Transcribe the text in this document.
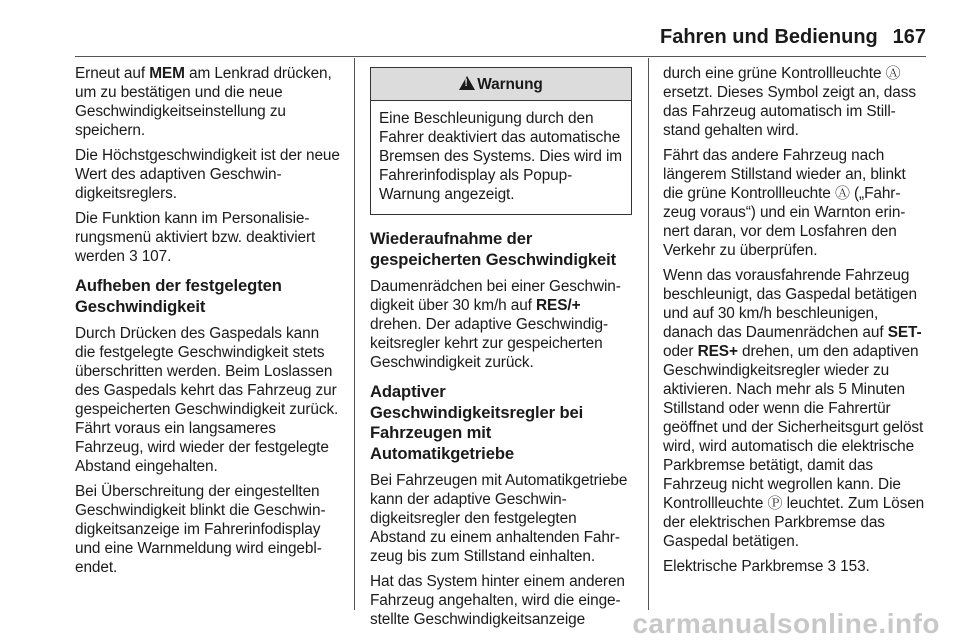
Fahren und Bedienung 167

Erneut auf MEM am Lenkrad drücken, um zu bestätigen und die neue Geschwindigkeitseinstellung zu speichern.

Die Höchstgeschwindigkeit ist der neue Wert des adaptiven Geschwindigkeitsreglers.

Die Funktion kann im Personalisierungsmenü aktiviert bzw. deaktiviert werden 3 107.

Aufheben der festgelegten Geschwindigkeit

Durch Drücken des Gaspedals kann die festgelegte Geschwindigkeit stets überschritten werden. Beim Loslassen des Gaspedals kehrt das Fahrzeug zur gespeicherten Geschwindigkeit zurück. Fährt voraus ein langsameres Fahrzeug, wird wieder der festgelegte Abstand eingehalten.

Bei Überschreitung der eingestellten Geschwindigkeit blinkt die Geschwindigkeitsanzeige im Fahrerinfodisplay und eine Warnmeldung wird eingeblendet.

!Warnung
Eine Beschleunigung durch den Fahrer deaktiviert das automatische Bremsen des Systems. Dies wird im Fahrerinfodisplay als Popup-Warnung angezeigt.
Wiederaufnahme der gespeicherten Geschwindigkeit

Daumenrädchen bei einer Geschwindigkeit über 30 km/h auf RES/+ drehen. Der adaptive Geschwindigkeitsregler kehrt zur gespeicherten Geschwindigkeit zurück.

Adaptiver Geschwindigkeitsregler bei Fahrzeugen mit Automatikgetriebe

Bei Fahrzeugen mit Automatikgetriebe kann der adaptive Geschwindigkeitsregler den festgelegten Abstand zu einem anhaltenden Fahrzeug bis zum Stillstand einhalten.

Hat das System hinter einem anderen Fahrzeug angehalten, wird die eingestellte Geschwindigkeitsanzeige

durch eine grüne Kontrollleuchte Ⓐ ersetzt. Dieses Symbol zeigt an, dass das Fahrzeug automatisch im Stillstand gehalten wird.

Fährt das andere Fahrzeug nach längerem Stillstand wieder an, blinkt die grüne Kontrollleuchte Ⓐ („Fahrzeug voraus“) und ein Warnton erinnert daran, vor dem Losfahren den Verkehr zu überprüfen.

Wenn das vorausfahrende Fahrzeug beschleunigt, das Gaspedal betätigen und auf 30 km/h beschleunigen, danach das Daumenrädchen auf SET- oder RES+ drehen, um den adaptiven Geschwindigkeitsregler wieder zu aktivieren. Nach mehr als 5 Minuten Stillstand oder wenn die Fahrertür geöffnet und der Sicherheitsgurt gelöst wird, wird automatisch die elektrische Parkbremse betätigt, damit das Fahrzeug nicht wegrollen kann. Die Kontrollleuchte Ⓟ leuchtet. Zum Lösen der elektrischen Parkbremse das Gaspedal betätigen.

Elektrische Parkbremse 3 153.

carmanualsonline.info
